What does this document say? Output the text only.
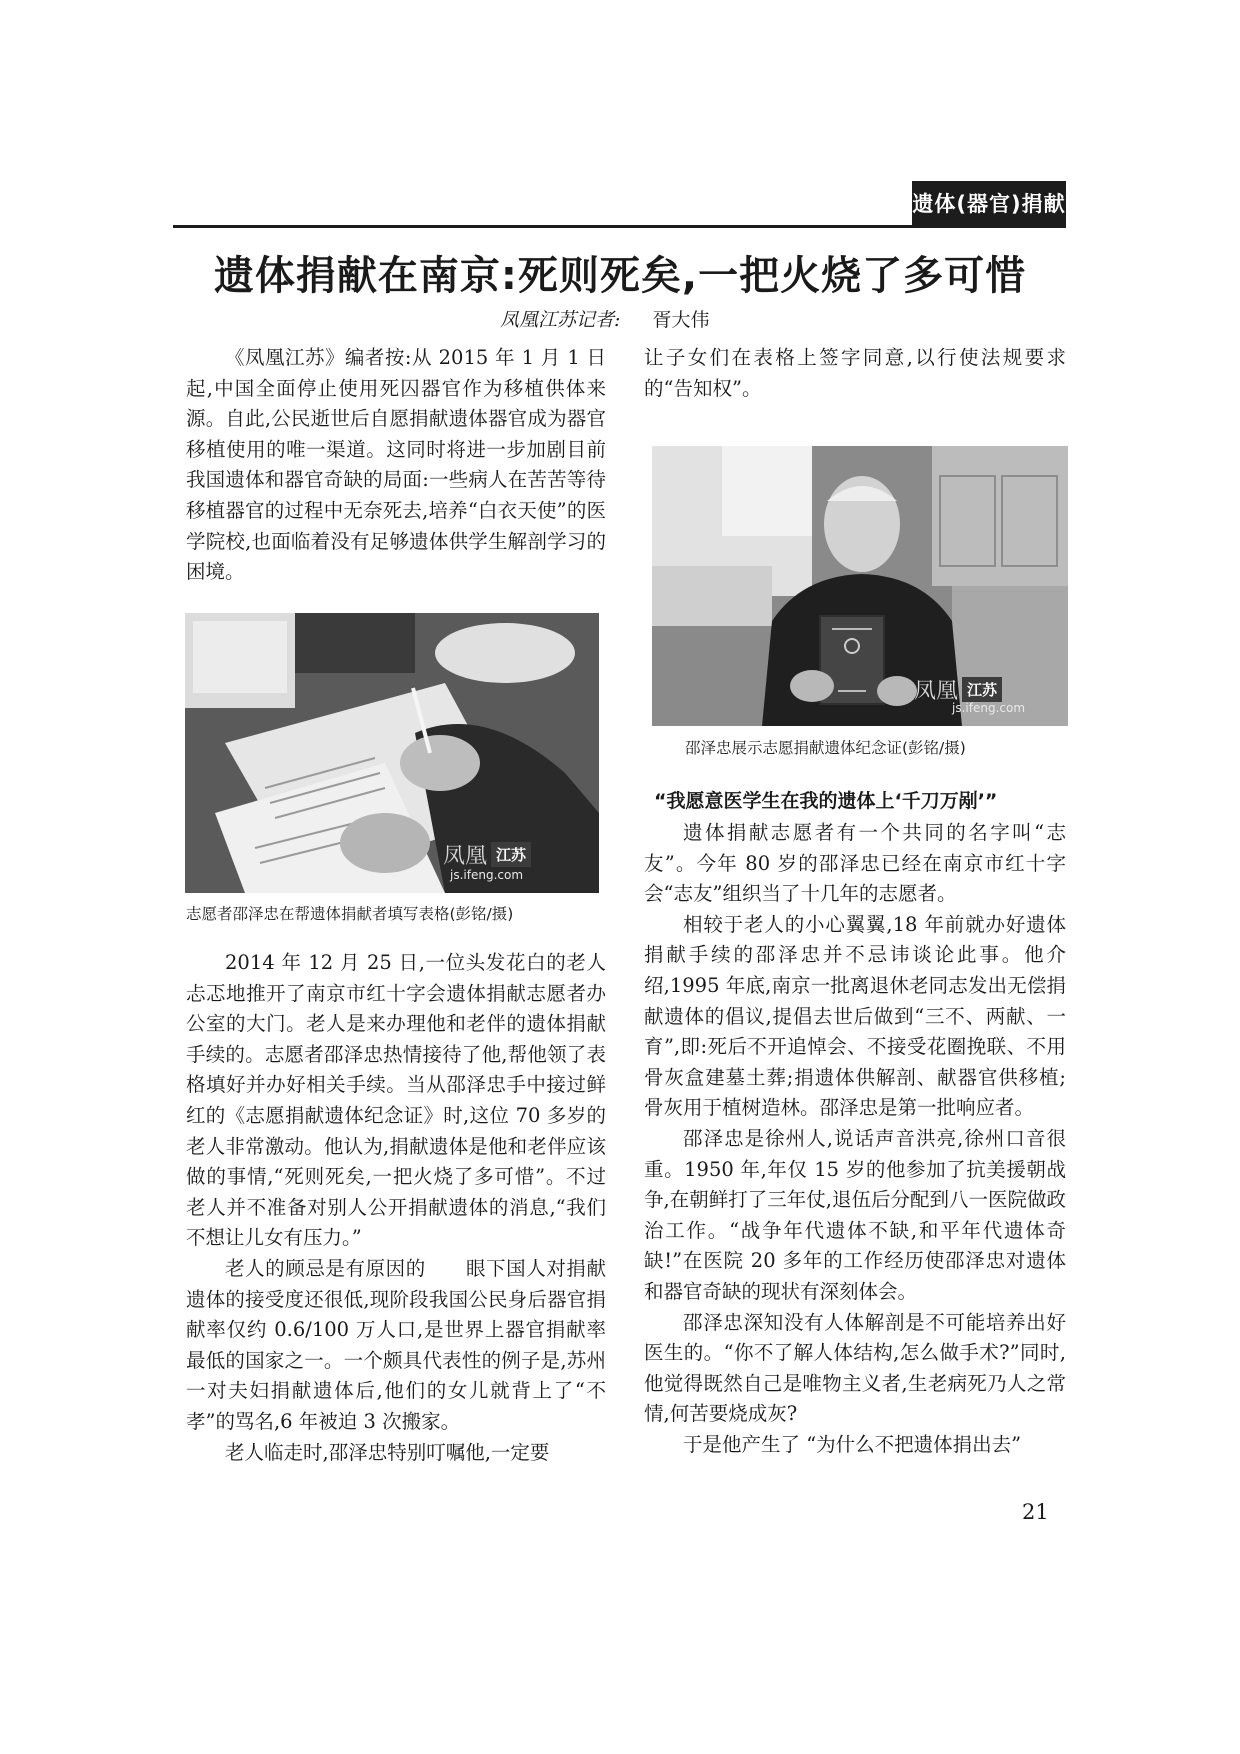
遗体(器官)捐献
遗体捐献在南京:死则死矣,一把火烧了多可惜
凤凰江苏记者: 胥大伟

《凤凰江苏》编者按:从 2015 年 1 月 1 日起,中国全面停止使用死囚器官作为移植供体来源。自此,公民逝世后自愿捐献遗体器官成为器官移植使用的唯一渠道。这同时将进一步加剧目前我国遗体和器官奇缺的局面:一些病人在苦苦等待移植器官的过程中无奈死去,培养“白衣天使”的医学院校,也面临着没有足够遗体供学生解剖学习的困境。

凤凰 江苏
js.ifeng.com
志愿者邵泽忠在帮遗体捐献者填写表格(彭铭/摄)

2014 年 12 月 25 日,一位头发花白的老人忐忑地推开了南京市红十字会遗体捐献志愿者办公室的大门。老人是来办理他和老伴的遗体捐献手续的。志愿者邵泽忠热情接待了他,帮他领了表格填好并办好相关手续。当从邵泽忠手中接过鲜红的《志愿捐献遗体纪念证》时,这位 70 多岁的老人非常激动。他认为,捐献遗体是他和老伴应该做的事情,“死则死矣,一把火烧了多可惜”。不过老人并不准备对别人公开捐献遗体的消息,“我们不想让儿女有压力。”

老人的顾忌是有原因的　　眼下国人对捐献遗体的接受度还很低,现阶段我国公民身后器官捐献率仅约 0.6/100 万人口,是世界上器官捐献率最低的国家之一。一个颇具代表性的例子是,苏州一对夫妇捐献遗体后,他们的女儿就背上了“不孝”的骂名,6 年被迫 3 次搬家。

老人临走时,邵泽忠特别叮嘱他,一定要

让子女们在表格上签字同意,以行使法规要求的“告知权”。

凤凰 江苏
js.ifeng.com
邵泽忠展示志愿捐献遗体纪念证(彭铭/摄)

“我愿意医学生在我的遗体上‘千刀万剐’”

遗体捐献志愿者有一个共同的名字叫“志友”。今年 80 岁的邵泽忠已经在南京市红十字会“志友”组织当了十几年的志愿者。

相较于老人的小心翼翼,18 年前就办好遗体捐献手续的邵泽忠并不忌讳谈论此事。他介绍,1995 年底,南京一批离退休老同志发出无偿捐献遗体的倡议,提倡去世后做到“三不、两献、一育”,即:死后不开追悼会、不接受花圈挽联、不用骨灰盒建墓土葬;捐遗体供解剖、献器官供移植;骨灰用于植树造林。邵泽忠是第一批响应者。

邵泽忠是徐州人,说话声音洪亮,徐州口音很重。1950 年,年仅 15 岁的他参加了抗美援朝战争,在朝鲜打了三年仗,退伍后分配到八一医院做政治工作。“战争年代遗体不缺,和平年代遗体奇缺!”在医院 20 多年的工作经历使邵泽忠对遗体和器官奇缺的现状有深刻体会。

邵泽忠深知没有人体解剖是不可能培养出好医生的。“你不了解人体结构,怎么做手术?”同时,他觉得既然自己是唯物主义者,生老病死乃人之常情,何苦要烧成灰?

于是他产生了 “为什么不把遗体捐出去”

21
